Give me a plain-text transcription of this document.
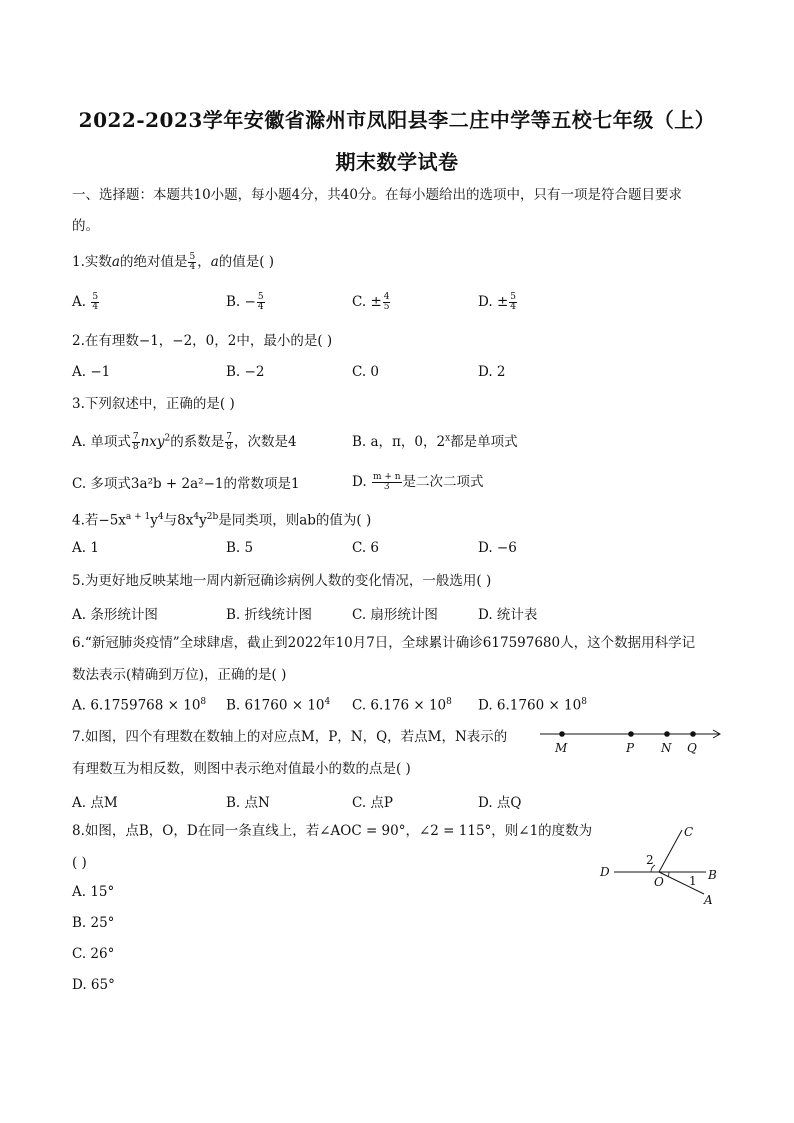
2022-2023学年安徽省滁州市凤阳县李二庄中学等五校七年级（上）
期末数学试卷
一、选择题：本题共10小题，每小题4分，共40分。在每小题给出的选项中，只有一项是符合题目要求
的。
1.实数a的绝对值是 $\frac{5}{4}$ ，a的值是( )
A. $\frac{5}{4}$	B. − $\frac{5}{4}$	C. ± $\frac{4}{5}$	D. ± $\frac{5}{4}$
2.在有理数−1，−2，0，2中，最小的是( )
A. −1	B. −2	C. 0	D. 2
3.下列叙述中，正确的是( )
A. 单项式 $\frac{7}{8} nxy^2$的系数是 $\frac{7}{8}$ ，次数是4	B. a，π，0，2$^x$都是单项式
C. 多项式3a²b + 2a²−1的常数项是1	D. $\frac{m + n}{3}$ 是二次二项式
4.若$-5x^{a + 1}y^4$与$8x^4y^{2b}$是同类项，则ab的值为( )
A. 1	B. 5	C. 6	D. −6
5.为更好地反映某地一周内新冠确诊病例人数的变化情况，一般选用( )
A. 条形统计图	B. 折线统计图	C. 扇形统计图	D. 统计表
6.“新冠肺炎疫情”全球肆虐，截止到2022年10月7日，全球累计确诊617597680人，这个数据用科学记
数法表示(精确到万位)，正确的是( )
A. $6.1759768 \times 10^8$ B. $61760 \times 10^4$ C. $6.176 \times 10^8$ D. $6.1760 \times 10^8$
7.如图，四个有理数在数轴上的对应点M，P，N，Q，若点M，N表示的
有理数互为相反数，则图中表示绝对值最小的数的点是( )
M	P N Q
A. 点M	B. 点N	C. 点P	D. 点Q
8.如图，点B，O，D在同一条直线上，若∠AOC = 90°，∠2 = 115°，则∠1的度数为
( )
C
D
O	B
A
2
1
A. 15°
B. 25°
C. 26°
D. 65°
